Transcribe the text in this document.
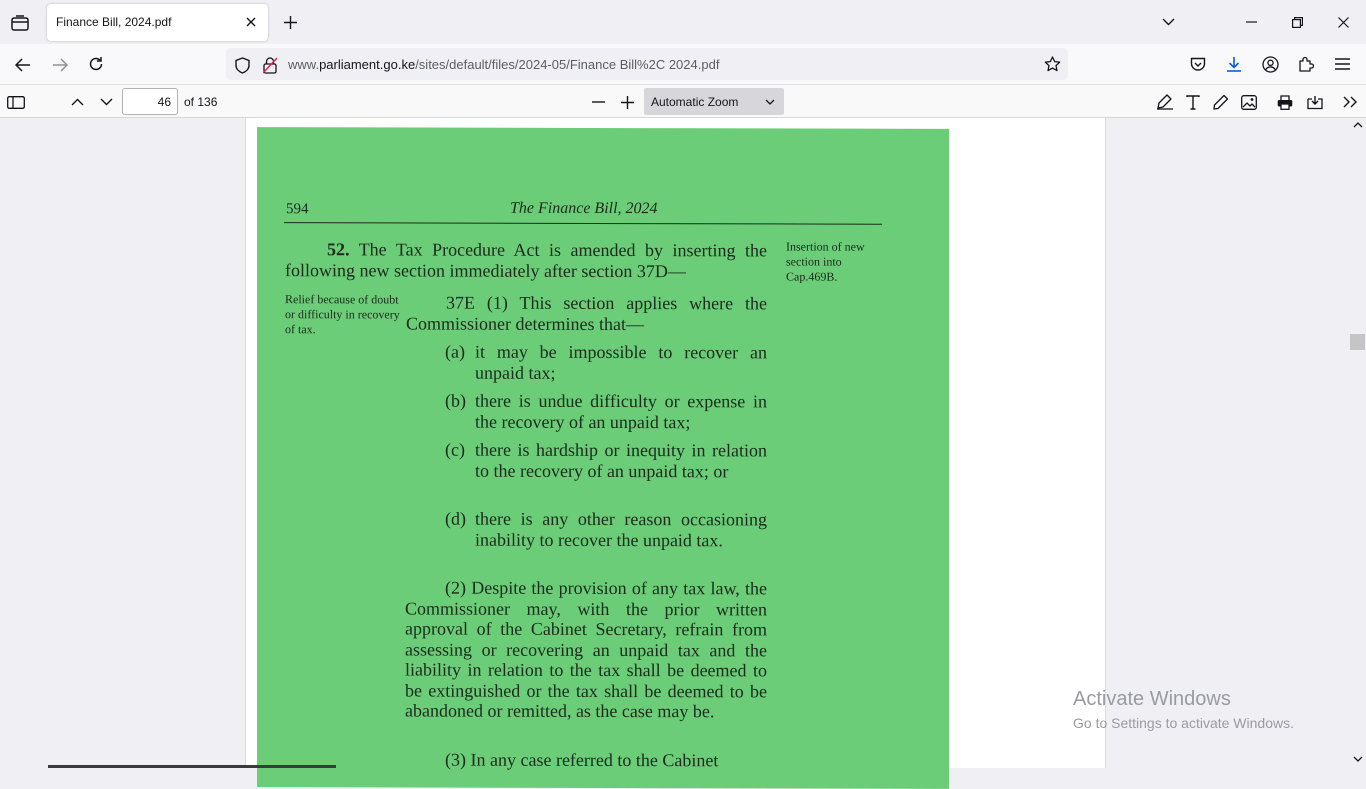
Finance Bill, 2024.pdf
www.parliament.go.ke/sites/default/files/2024-05/Finance Bill%2C 2024.pdf
46
of 136	Automatic Zoom
594	The Finance Bill, 2024
Insertion of new section into Cap.469B.
52. The Tax Procedure Act is amended by inserting the following new section immediately after section 37D—
Relief because of doubt or difficulty in recovery of tax.
37E (1) This section applies where the Commissioner determines that—
(a) it may be impossible to recover an unpaid tax;
(b) there is undue difficulty or expense in the recovery of an unpaid tax;
(c) there is hardship or inequity in relation to the recovery of an unpaid tax; or
(d) there is any other reason occasioning inability to recover the unpaid tax.
(2) Despite the provision of any tax law, the Commissioner may, with the prior written approval of the Cabinet Secretary, refrain from assessing or recovering an unpaid tax and the liability in relation to the tax shall be deemed to be extinguished or the tax shall be deemed to be abandoned or remitted, as the case may be.
(3) In any case referred to the Cabinet
Activate Windows
Go to Settings to activate Windows.
